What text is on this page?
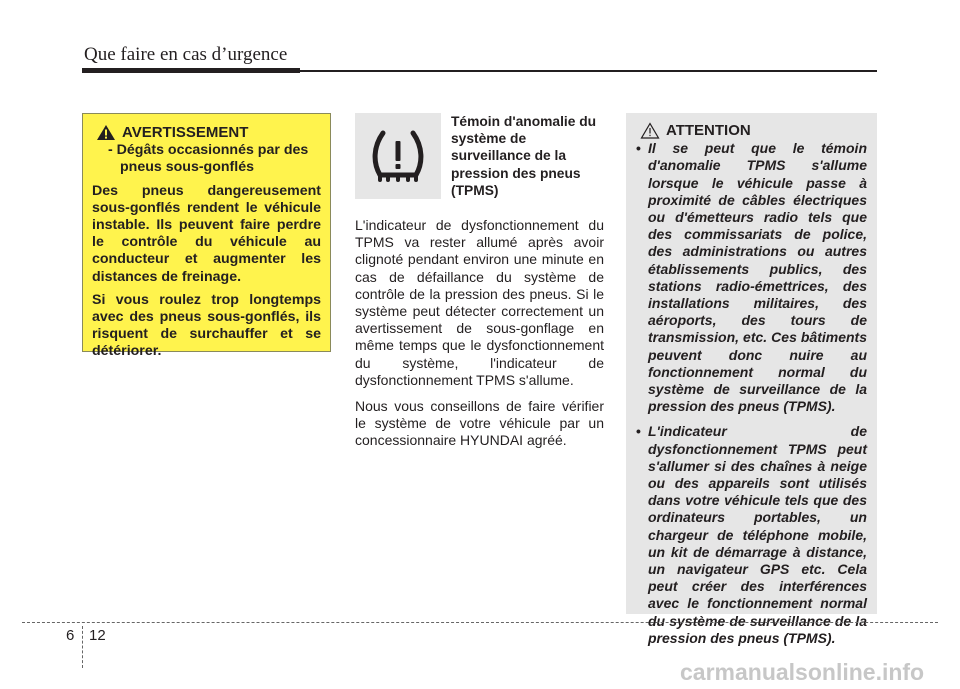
Que faire en cas d’urgence
AVERTISSEMENT
- Dégâts occasionnés par des pneus sous-gonflés
Des pneus dangereusement sous-gonflés rendent le véhicule instable. Ils peuvent faire perdre le contrôle du véhicule au conducteur et augmenter les distances de freinage.
Si vous roulez trop longtemps avec des pneus sous-gonflés, ils risquent de surchauffer et se détériorer.
Témoin d'anomalie du système de surveillance de la pression des pneus (TPMS)

L'indicateur de dysfonctionnement du TPMS va rester allumé après avoir clignoté pendant environ une minute en cas de défaillance du système de contrôle de la pression des pneus. Si le système peut détecter correctement un avertissement de sous-gonflage en même temps que le dysfonctionnement du système, l'indicateur de dysfonctionnement TPMS s'allume.

Nous vous conseillons de faire vérifier le système de votre véhicule par un concessionnaire HYUNDAI agréé.

ATTENTION
• Il se peut que le témoin d'anomalie TPMS s'allume lorsque le véhicule passe à proximité de câbles électriques ou d'émetteurs radio tels que des commissariats de police, des administrations ou autres établissements publics, des stations radio-émettrices, des installations militaires, des aéroports, des tours de transmission, etc. Ces bâtiments peuvent donc nuire au fonctionnement normal du système de surveillance de la pression des pneus (TPMS).
• L'indicateur de dysfonctionnement TPMS peut s'allumer si des chaînes à neige ou des appareils sont utilisés dans votre véhicule tels que des ordinateurs portables, un chargeur de téléphone mobile, un kit de démarrage à distance, un navigateur GPS etc. Cela peut créer des interférences avec le fonctionnement normal du système de surveillance de la pression des pneus (TPMS).
6 12
carmanualsonline.info
